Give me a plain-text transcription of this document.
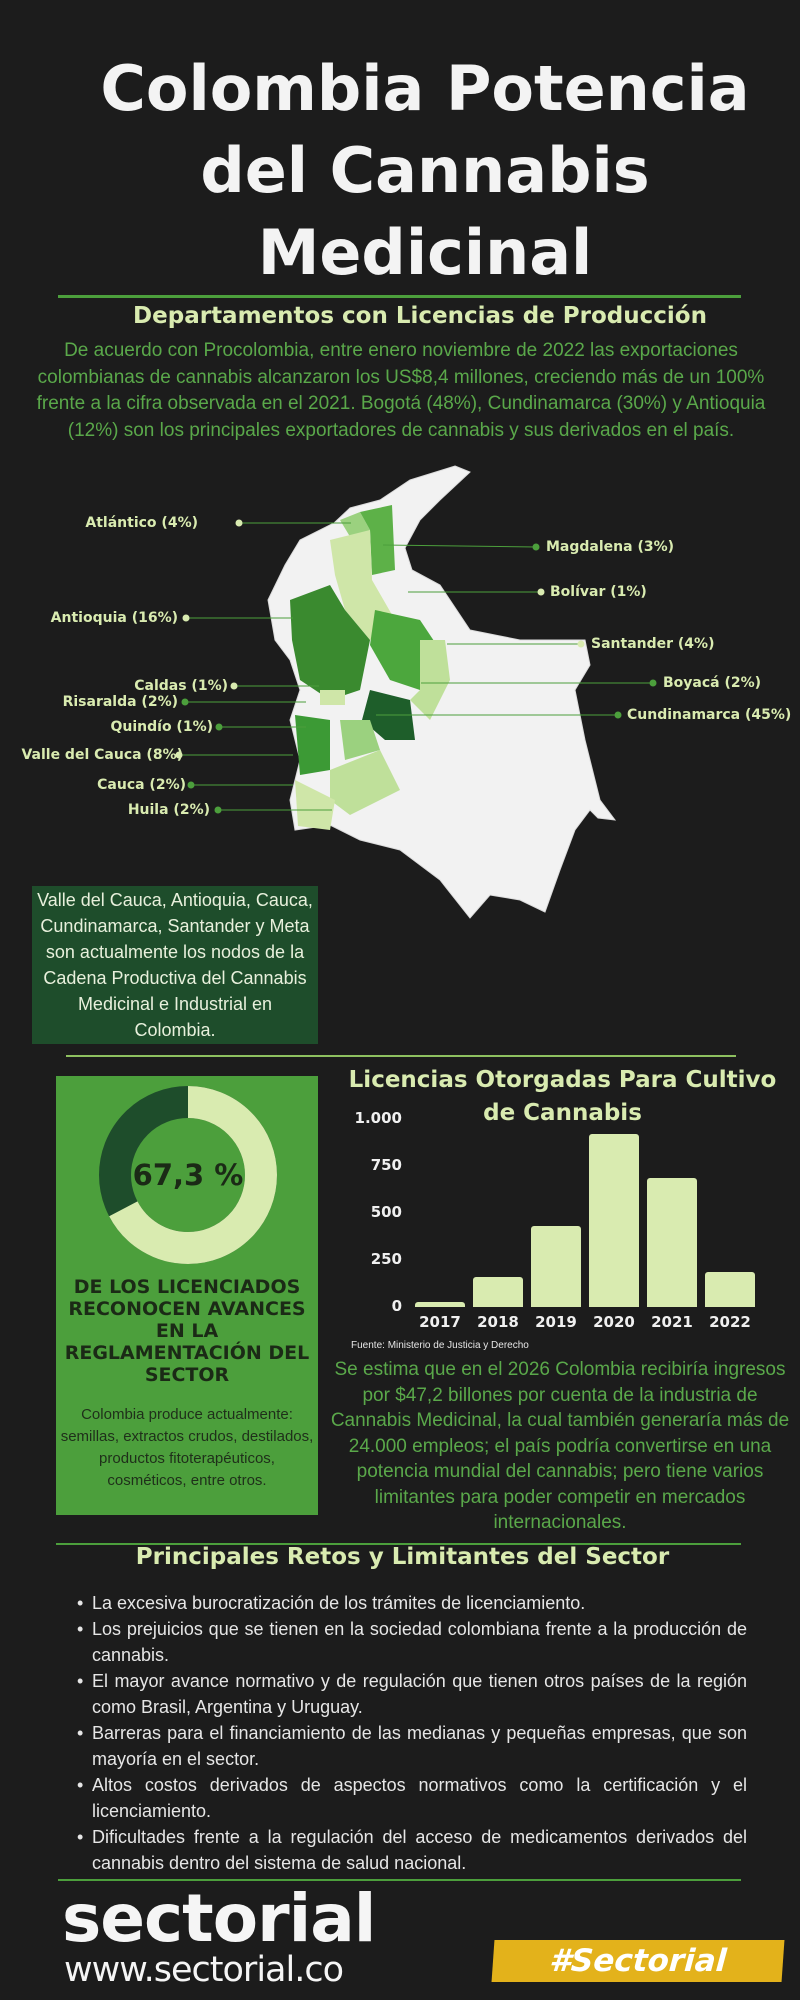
Colombia Potencia
del Cannabis
Medicinal
Departamentos con Licencias de Producción
De acuerdo con Procolombia, entre enero noviembre de 2022 las exportaciones colombianas de cannabis alcanzaron los US$8,4 millones, creciendo más de un 100% frente a la cifra observada en el 2021. Bogotá (48%), Cundinamarca (30%) y Antioquia (12%) son los principales exportadores de cannabis y sus derivados en el país.
Atlántico (4%)
Magdalena (3%)
Bolívar (1%)
Antioquia (16%)
Santander (4%)
Caldas (1%)	Boyacá (2%)
Risaralda (2%)
Cundinamarca (45%)
Quindío (1%)
Valle del Cauca (8%)
Cauca (2%)
Huila (2%)
Valle del Cauca, Antioquia, Cauca, Cundinamarca, Santander y Meta son actualmente los nodos de la Cadena Productiva del Cannabis Medicinal e Industrial en Colombia.
67,3 %
DE LOS LICENCIADOS RECONOCEN AVANCES EN LA REGLAMENTACIÓN DEL SECTOR
Colombia produce actualmente: semillas, extractos crudos, destilados, productos fitoterapéuticos, cosméticos, entre otros.
Licencias Otorgadas Para Cultivo de Cannabis
0
250
500
750
1.000
2017	2018	2019	2020	2021	2022
Fuente: Ministerio de Justicia y Derecho
Se estima que en el 2026 Colombia recibiría ingresos por $47,2 billones por cuenta de la industria de Cannabis Medicinal, la cual también generaría más de 24.000 empleos; el país podría convertirse en una potencia mundial del cannabis; pero tiene varios limitantes para poder competir en mercados internacionales.
Principales Retos y Limitantes del Sector
• La excesiva burocratización de los trámites de licenciamiento.
• Los prejuicios que se tienen en la sociedad colombiana frente a la producción de cannabis.
• El mayor avance normativo y de regulación que tienen otros países de la región como Brasil, Argentina y Uruguay.
• Barreras para el financiamiento de las medianas y pequeñas empresas, que son mayoría en el sector.
• Altos costos derivados de aspectos normativos como la certificación y el licenciamiento.
• Dificultades frente a la regulación del acceso de medicamentos derivados del cannabis dentro del sistema de salud nacional.
sectorial
www.sectorial.co	#Sectorial
